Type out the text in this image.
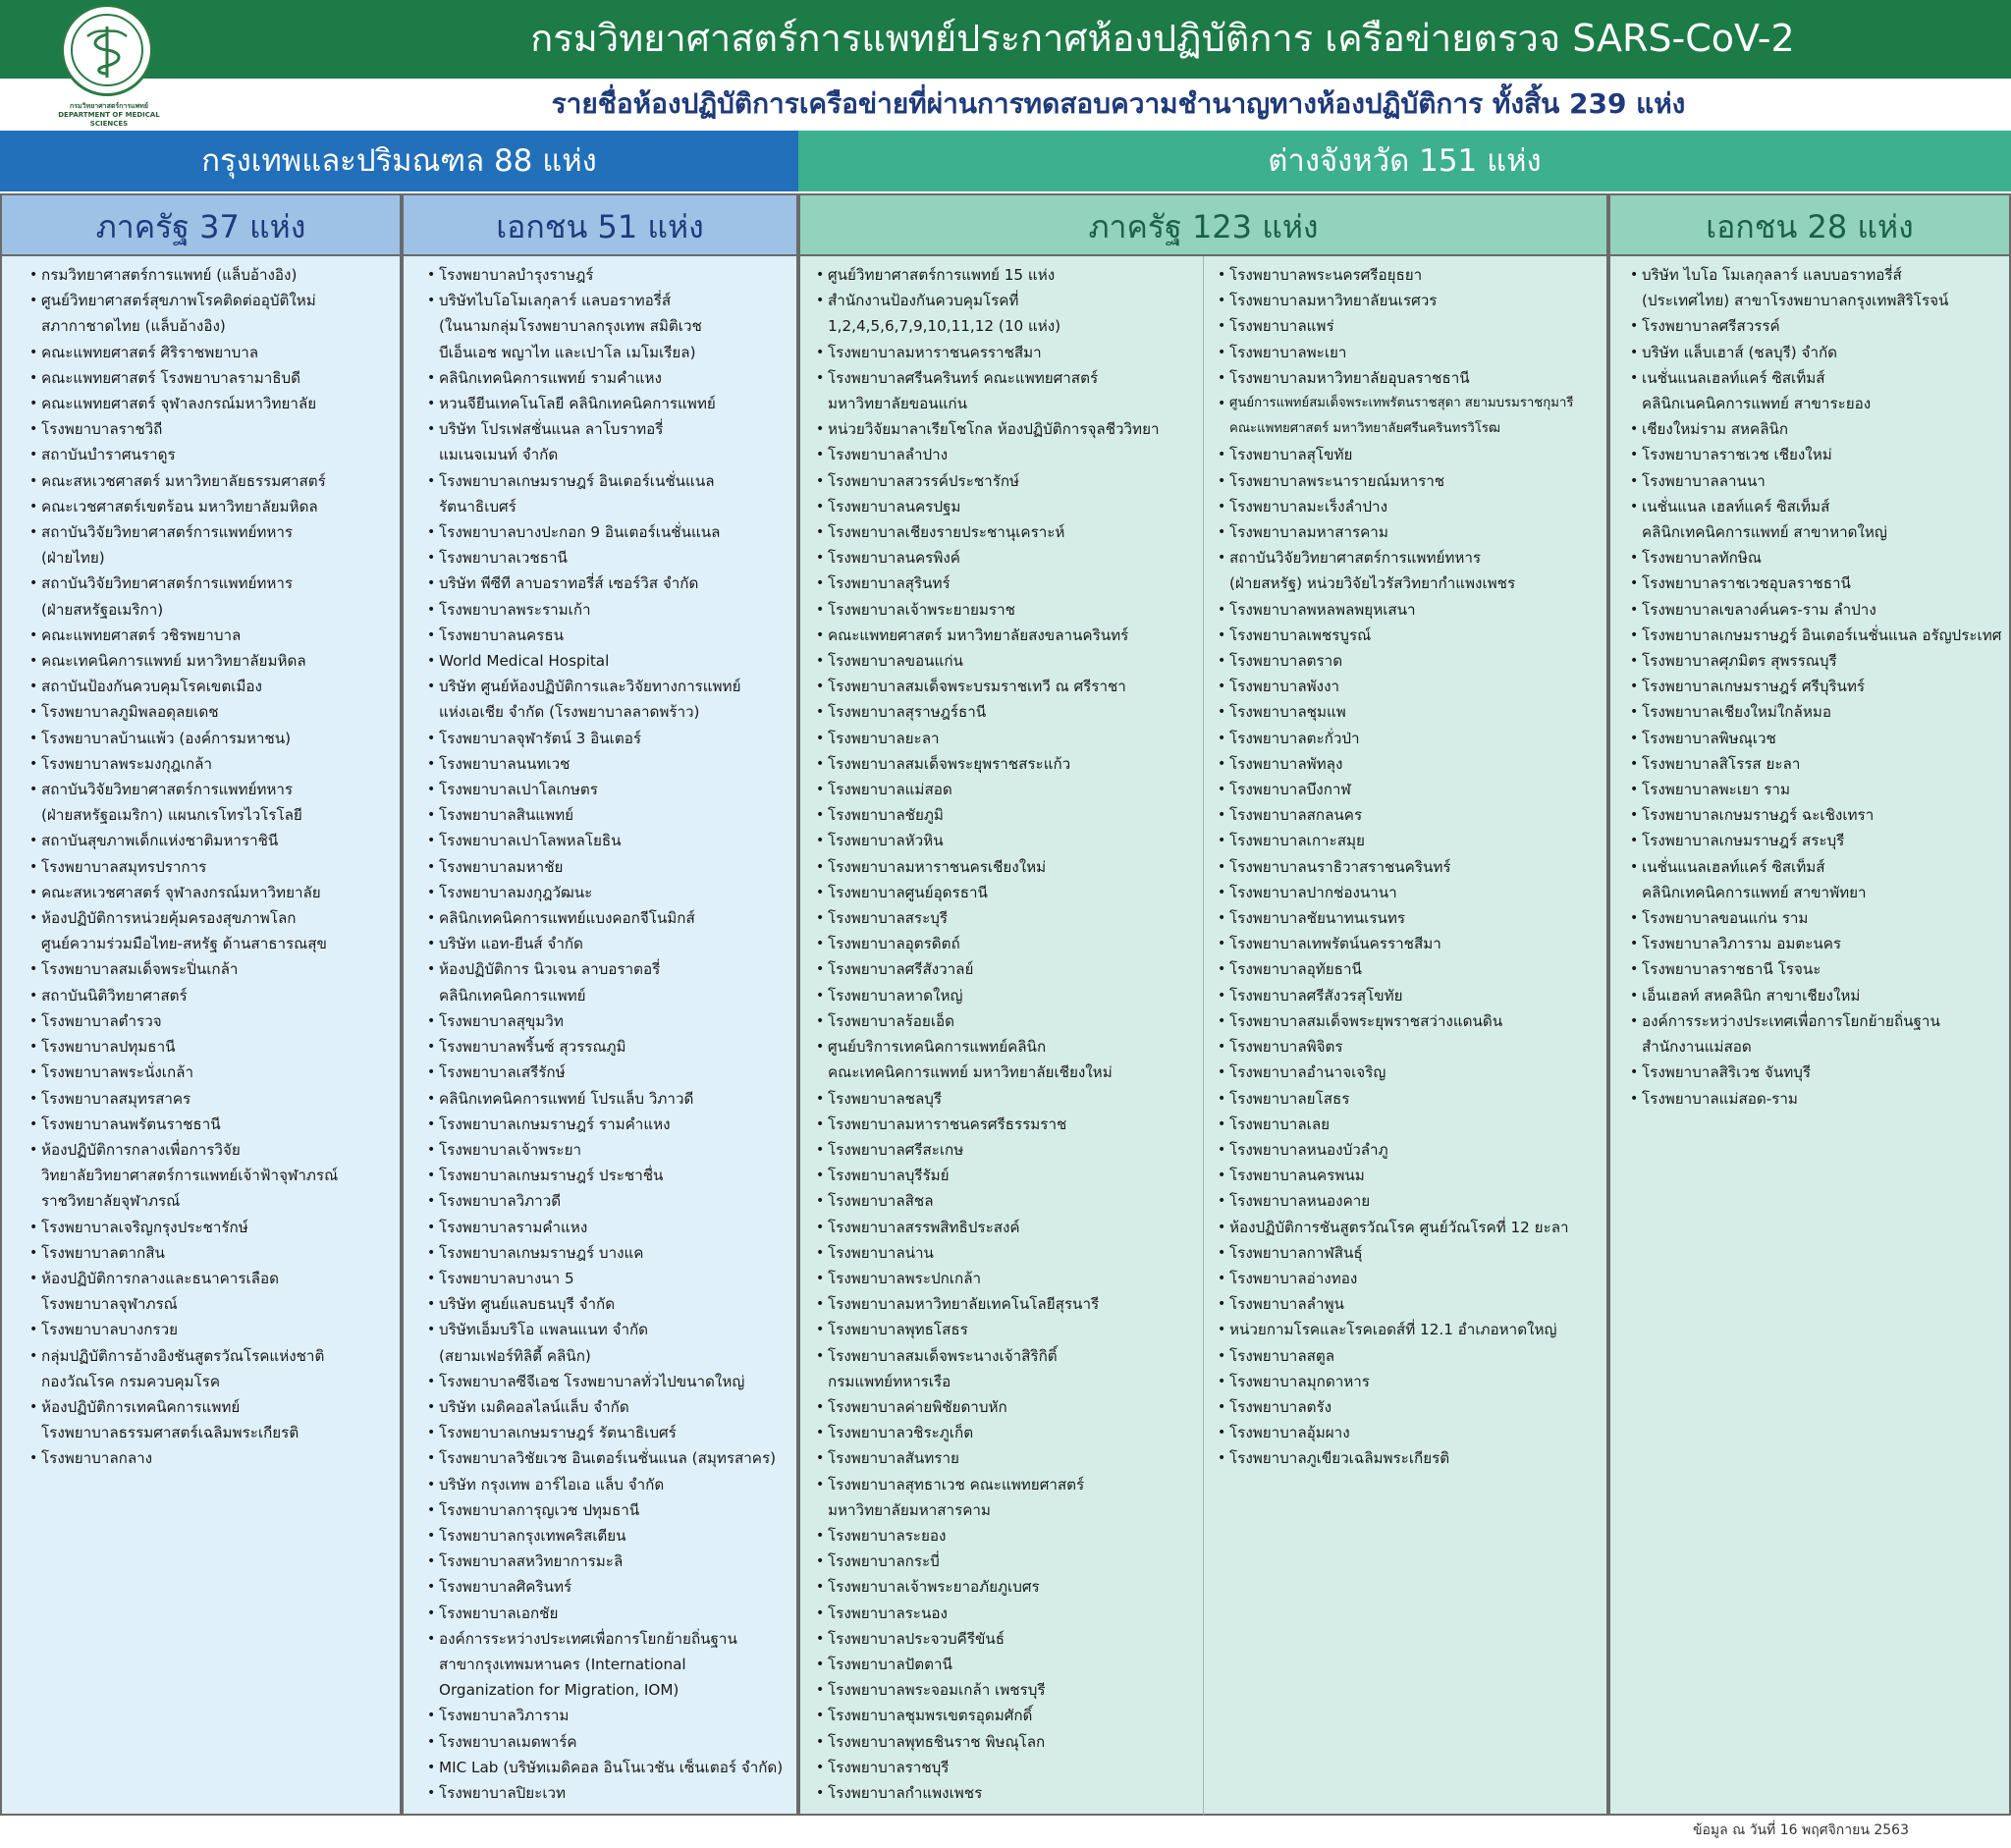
กรมวิทยาศาสตร์การแพทย์ประกาศห้องปฏิบัติการ เครือข่ายตรวจ SARS-CoV-2
กรมวิทยาศาสตร์การแพทย์ DEPARTMENT OF MEDICAL SCIENCES
รายชื่อห้องปฏิบัติการเครือข่ายที่ผ่านการทดสอบความชำนาญทางห้องปฏิบัติการ ทั้งสิ้น 239 แห่ง
กรุงเทพและปริมณฑล 88 แห่ง	ต่างจังหวัด 151 แห่ง
ภาครัฐ 37 แห่ง	เอกชน 51 แห่ง	ภาครัฐ 123 แห่ง	เอกชน 28 แห่ง
• กรมวิทยาศาสตร์การแพทย์ (แล็บอ้างอิง)
• ศูนย์วิทยาศาสตร์สุขภาพโรคติดต่ออุบัติใหม่
สภากาชาดไทย (แล็บอ้างอิง)
• คณะแพทยศาสตร์ ศิริราชพยาบาล
• คณะแพทยศาสตร์ โรงพยาบาลรามาธิบดี
• คณะแพทยศาสตร์ จุฬาลงกรณ์มหาวิทยาลัย
• โรงพยาบาลราชวิถี
• สถาบันบำราศนราดูร
• คณะสหเวชศาสตร์ มหาวิทยาลัยธรรมศาสตร์
• คณะเวชศาสตร์เขตร้อน มหาวิทยาลัยมหิดล
• สถาบันวิจัยวิทยาศาสตร์การแพทย์ทหาร
(ฝ่ายไทย)
• สถาบันวิจัยวิทยาศาสตร์การแพทย์ทหาร
(ฝ่ายสหรัฐอเมริกา)
• คณะแพทยศาสตร์ วชิรพยาบาล
• คณะเทคนิคการแพทย์ มหาวิทยาลัยมหิดล
• สถาบันป้องกันควบคุมโรคเขตเมือง
• โรงพยาบาลภูมิพลอดุลยเดช
• โรงพยาบาลบ้านแพ้ว (องค์การมหาชน)
• โรงพยาบาลพระมงกุฎเกล้า
• สถาบันวิจัยวิทยาศาสตร์การแพทย์ทหาร
(ฝ่ายสหรัฐอเมริกา) แผนกเรโทรไวโรโลยี
• สถาบันสุขภาพเด็กแห่งชาติมหาราชินี
• โรงพยาบาลสมุทรปราการ
• คณะสหเวชศาสตร์ จุฬาลงกรณ์มหาวิทยาลัย
• ห้องปฏิบัติการหน่วยคุ้มครองสุขภาพโลก
ศูนย์ความร่วมมือไทย-สหรัฐ ด้านสาธารณสุข
• โรงพยาบาลสมเด็จพระปิ่นเกล้า
• สถาบันนิติวิทยาศาสตร์
• โรงพยาบาลตำรวจ
• โรงพยาบาลปทุมธานี
• โรงพยาบาลพระนั่งเกล้า
• โรงพยาบาลสมุทรสาคร
• โรงพยาบาลนพรัตนราชธานี
• ห้องปฏิบัติการกลางเพื่อการวิจัย
วิทยาลัยวิทยาศาสตร์การแพทย์เจ้าฟ้าจุฬาภรณ์
ราชวิทยาลัยจุฬาภรณ์
• โรงพยาบาลเจริญกรุงประชารักษ์
• โรงพยาบาลตากสิน
• ห้องปฏิบัติการกลางและธนาคารเลือด
โรงพยาบาลจุฬาภรณ์
• โรงพยาบาลบางกรวย
• กลุ่มปฏิบัติการอ้างอิงชันสูตรวัณโรคแห่งชาติ
กองวัณโรค กรมควบคุมโรค
• ห้องปฏิบัติการเทคนิคการแพทย์
โรงพยาบาลธรรมศาสตร์เฉลิมพระเกียรติ
• โรงพยาบาลกลาง
• โรงพยาบาลบำรุงราษฎร์
• บริษัทไบโอโมเลกุลาร์ แลบอราทอรี่ส์
(ในนามกลุ่มโรงพยาบาลกรุงเทพ สมิติเวช
บีเอ็นเอช พญาไท และเปาโล เมโมเรียล)
• คลินิกเทคนิคการแพทย์ รามคำแหง
• หวนจียีนเทคโนโลยี คลินิกเทคนิคการแพทย์
• บริษัท โปรเฟสชั่นแนล ลาโบราทอรี่
แมเนจเมนท์ จำกัด
• โรงพยาบาลเกษมราษฎร์ อินเตอร์เนชั่นแนล
รัตนาธิเบศร์
• โรงพยาบาลบางปะกอก 9 อินเตอร์เนชั่นแนล
• โรงพยาบาลเวชธานี
• บริษัท พีซีที ลาบอราทอรี่ส์ เซอร์วิส จำกัด
• โรงพยาบาลพระรามเก้า
• โรงพยาบาลนครธน
• World Medical Hospital
• บริษัท ศูนย์ห้องปฏิบัติการและวิจัยทางการแพทย์
แห่งเอเชีย จำกัด (โรงพยาบาลลาดพร้าว)
• โรงพยาบาลจุฬารัตน์ 3 อินเตอร์
• โรงพยาบาลนนทเวช
• โรงพยาบาลเปาโลเกษตร
• โรงพยาบาลสินแพทย์
• โรงพยาบาลเปาโลพหลโยธิน
• โรงพยาบาลมหาชัย
• โรงพยาบาลมงกุฎวัฒนะ
• คลินิกเทคนิคการแพทย์แบงคอกจีโนมิกส์
• บริษัท แอท-ยีนส์ จำกัด
• ห้องปฏิบัติการ นิวเจน ลาบอราตอรี่
คลินิกเทคนิคการแพทย์
• โรงพยาบาลสุขุมวิท
• โรงพยาบาลพริ้นซ์ สุวรรณภูมิ
• โรงพยาบาลเสรีรักษ์
• คลินิกเทคนิคการแพทย์ โปรแล็บ วิภาวดี
• โรงพยาบาลเกษมราษฎร์ รามคำแหง
• โรงพยาบาลเจ้าพระยา
• โรงพยาบาลเกษมราษฎร์ ประชาชื่น
• โรงพยาบาลวิภาวดี
• โรงพยาบาลรามคำแหง
• โรงพยาบาลเกษมราษฎร์ บางแค
• โรงพยาบาลบางนา 5
• บริษัท ศูนย์แลบธนบุรี จำกัด
• บริษัทเอ็มบริโอ แพลนแนท จำกัด
(สยามเฟอร์ทิลิตี้ คลินิก)
• โรงพยาบาลซีจีเอช โรงพยาบาลทั่วไปขนาดใหญ่
• บริษัท เมดิคอลไลน์แล็บ จำกัด
• โรงพยาบาลเกษมราษฎร์ รัตนาธิเบศร์
• โรงพยาบาลวิชัยเวช อินเตอร์เนชั่นแนล (สมุทรสาคร)
• บริษัท กรุงเทพ อาร์ไอเอ แล็บ จำกัด
• โรงพยาบาลการุญเวช ปทุมธานี
• โรงพยาบาลกรุงเทพคริสเตียน
• โรงพยาบาลสหวิทยาการมะลิ
• โรงพยาบาลศิครินทร์
• โรงพยาบาลเอกชัย
• องค์การระหว่างประเทศเพื่อการโยกย้ายถิ่นฐาน
สาขากรุงเทพมหานคร (International
Organization for Migration, IOM)
• โรงพยาบาลวิภาราม
• โรงพยาบาลเมดพาร์ค
• MIC Lab (บริษัทเมดิคอล อินโนเวชัน เซ็นเตอร์ จำกัด)
• โรงพยาบาลปิยะเวท
• ศูนย์วิทยาศาสตร์การแพทย์ 15 แห่ง
• สำนักงานป้องกันควบคุมโรคที่
1,2,4,5,6,7,9,10,11,12 (10 แห่ง)
• โรงพยาบาลมหาราชนครราชสีมา
• โรงพยาบาลศรีนครินทร์ คณะแพทยศาสตร์
มหาวิทยาลัยขอนแก่น
• หน่วยวิจัยมาลาเรียโชโกล ห้องปฏิบัติการจุลชีววิทยา
• โรงพยาบาลลำปาง
• โรงพยาบาลสวรรค์ประชารักษ์
• โรงพยาบาลนครปฐม
• โรงพยาบาลเชียงรายประชานุเคราะห์
• โรงพยาบาลนครพิงค์
• โรงพยาบาลสุรินทร์
• โรงพยาบาลเจ้าพระยายมราช
• คณะแพทยศาสตร์ มหาวิทยาลัยสงขลานครินทร์
• โรงพยาบาลขอนแก่น
• โรงพยาบาลสมเด็จพระบรมราชเทวี ณ ศรีราชา
• โรงพยาบาลสุราษฎร์ธานี
• โรงพยาบาลยะลา
• โรงพยาบาลสมเด็จพระยุพราชสระแก้ว
• โรงพยาบาลแม่สอด
• โรงพยาบาลชัยภูมิ
• โรงพยาบาลหัวหิน
• โรงพยาบาลมหาราชนครเชียงใหม่
• โรงพยาบาลศูนย์อุดรธานี
• โรงพยาบาลสระบุรี
• โรงพยาบาลอุตรดิตถ์
• โรงพยาบาลศรีสังวาลย์
• โรงพยาบาลหาดใหญ่
• โรงพยาบาลร้อยเอ็ด
• ศูนย์บริการเทคนิคการแพทย์คลินิก
คณะเทคนิคการแพทย์ มหาวิทยาลัยเชียงใหม่
• โรงพยาบาลชลบุรี
• โรงพยาบาลมหาราชนครศรีธรรมราช
• โรงพยาบาลศรีสะเกษ
• โรงพยาบาลบุรีรัมย์
• โรงพยาบาลสิชล
• โรงพยาบาลสรรพสิทธิประสงค์
• โรงพยาบาลน่าน
• โรงพยาบาลพระปกเกล้า
• โรงพยาบาลมหาวิทยาลัยเทคโนโลยีสุรนารี
• โรงพยาบาลพุทธโสธร
• โรงพยาบาลสมเด็จพระนางเจ้าสิริกิติ์
กรมแพทย์ทหารเรือ
• โรงพยาบาลค่ายพิชัยดาบหัก
• โรงพยาบาลวชิระภูเก็ต
• โรงพยาบาลสันทราย
• โรงพยาบาลสุทธาเวช คณะแพทยศาสตร์
มหาวิทยาลัยมหาสารคาม
• โรงพยาบาลระยอง
• โรงพยาบาลกระบี่
• โรงพยาบาลเจ้าพระยาอภัยภูเบศร
• โรงพยาบาลระนอง
• โรงพยาบาลประจวบคีรีขันธ์
• โรงพยาบาลปัตตานี
• โรงพยาบาลพระจอมเกล้า เพชรบุรี
• โรงพยาบาลชุมพรเขตรอุดมศักดิ์
• โรงพยาบาลพุทธชินราช พิษณุโลก
• โรงพยาบาลราชบุรี
• โรงพยาบาลกำแพงเพชร
• โรงพยาบาลพระนครศรีอยุธยา
• โรงพยาบาลมหาวิทยาลัยนเรศวร
• โรงพยาบาลแพร่
• โรงพยาบาลพะเยา
• โรงพยาบาลมหาวิทยาลัยอุบลราชธานี
• ศูนย์การแพทย์สมเด็จพระเทพรัตนราชสุดา สยามบรมราชกุมารี
คณะแพทยศาสตร์ มหาวิทยาลัยศรีนครินทรวิโรฒ
• โรงพยาบาลสุโขทัย
• โรงพยาบาลพระนารายณ์มหาราช
• โรงพยาบาลมะเร็งลำปาง
• โรงพยาบาลมหาสารคาม
• สถาบันวิจัยวิทยาศาสตร์การแพทย์ทหาร
(ฝ่ายสหรัฐ) หน่วยวิจัยไวรัสวิทยากำแพงเพชร
• โรงพยาบาลพหลพลพยุหเสนา
• โรงพยาบาลเพชรบูรณ์
• โรงพยาบาลตราด
• โรงพยาบาลพังงา
• โรงพยาบาลชุมแพ
• โรงพยาบาลตะกั่วป่า
• โรงพยาบาลพัทลุง
• โรงพยาบาลบึงกาฬ
• โรงพยาบาลสกลนคร
• โรงพยาบาลเกาะสมุย
• โรงพยาบาลนราธิวาสราชนครินทร์
• โรงพยาบาลปากช่องนานา
• โรงพยาบาลชัยนาทนเรนทร
• โรงพยาบาลเทพรัตน์นครราชสีมา
• โรงพยาบาลอุทัยธานี
• โรงพยาบาลศรีสังวรสุโขทัย
• โรงพยาบาลสมเด็จพระยุพราชสว่างแดนดิน
• โรงพยาบาลพิจิตร
• โรงพยาบาลอำนาจเจริญ
• โรงพยาบาลยโสธร
• โรงพยาบาลเลย
• โรงพยาบาลหนองบัวลำภู
• โรงพยาบาลนครพนม
• โรงพยาบาลหนองคาย
• ห้องปฏิบัติการชันสูตรวัณโรค ศูนย์วัณโรคที่ 12 ยะลา
• โรงพยาบาลกาฬสินธุ์
• โรงพยาบาลอ่างทอง
• โรงพยาบาลลำพูน
• หน่วยกามโรคและโรคเอดส์ที่ 12.1 อำเภอหาดใหญ่
• โรงพยาบาลสตูล
• โรงพยาบาลมุกดาหาร
• โรงพยาบาลตรัง
• โรงพยาบาลอุ้มผาง
• โรงพยาบาลภูเขียวเฉลิมพระเกียรติ
• บริษัท ไบโอ โมเลกุลลาร์ แลบบอราทอรี่ส์
(ประเทศไทย) สาขาโรงพยาบาลกรุงเทพสิริโรจน์
• โรงพยาบาลศรีสวรรค์
• บริษัท แล็บเฮาส์ (ชลบุรี) จำกัด
• เนชั่นแนลเฮลท์แคร์ ซิสเท็มส์
คลินิกเนคนิคการแพทย์ สาขาระยอง
• เชียงใหม่ราม สหคลินิก
• โรงพยาบาลราชเวช เชียงใหม่
• โรงพยาบาลลานนา
• เนชั่นแนล เฮลท์แคร์ ซิสเท็มส์
คลินิกเทคนิคการแพทย์ สาขาหาดใหญ่
• โรงพยาบาลทักษิณ
• โรงพยาบาลราชเวชอุบลราชธานี
• โรงพยาบาลเขลางค์นคร-ราม ลำปาง
• โรงพยาบาลเกษมราษฎร์ อินเตอร์เนชั่นแนล อรัญประเทศ
• โรงพยาบาลศุภมิตร สุพรรณบุรี
• โรงพยาบาลเกษมราษฎร์ ศรีบุรินทร์
• โรงพยาบาลเชียงใหม่ใกล้หมอ
• โรงพยาบาลพิษณุเวช
• โรงพยาบาลสิโรรส ยะลา
• โรงพยาบาลพะเยา ราม
• โรงพยาบาลเกษมราษฎร์ ฉะเชิงเทรา
• โรงพยาบาลเกษมราษฎร์ สระบุรี
• เนชั่นแนลเฮลท์แคร์ ซิสเท็มส์
คลินิกเทคนิคการแพทย์ สาขาพัทยา
• โรงพยาบาลขอนแก่น ราม
• โรงพยาบาลวิภาราม อมตะนคร
• โรงพยาบาลราชธานี โรจนะ
• เอ็นเฮลท์ สหคลินิก สาขาเชียงใหม่
• องค์การระหว่างประเทศเพื่อการโยกย้ายถิ่นฐาน
สำนักงานแม่สอด
• โรงพยาบาลสิริเวช จันทบุรี
• โรงพยาบาลแม่สอด-ราม
ข้อมูล ณ วันที่ 16 พฤศจิกายน 2563
